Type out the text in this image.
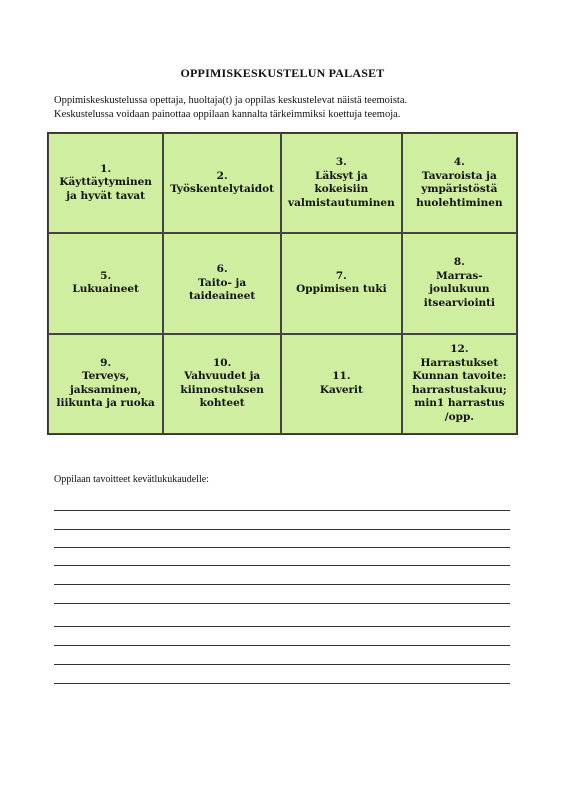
OPPIMISKESKUSTELUN PALASET
Oppimiskeskustelussa opettaja, huoltaja(t) ja oppilas keskustelevat näistä teemoista.
Keskustelussa voidaan painottaa oppilaan kannalta tärkeimmiksi koettuja teemoja.
1. Käyttäytyminen
ja hyvät tavat
2.
Työskentelytaidot
3.
Läksyt ja kokeisiin
valmistautuminen
4.
Tavaroista ja
ympäristöstä
huolehtiminen
5.
Lukuaineet
6.
Taito- ja taideaineet
7.
Oppimisen tuki
8.
Marras-joulukuun
itsearviointi
9.
Terveys, jaksaminen,
liikunta ja ruoka
10.
Vahvuudet ja
kiinnostuksen
kohteet
11.
Kaverit
12.
Harrastukset
Kunnan tavoite:
harrastustakuu;
min1 harrastus
/opp.
Oppilaan tavoitteet kevätlukukaudelle:
